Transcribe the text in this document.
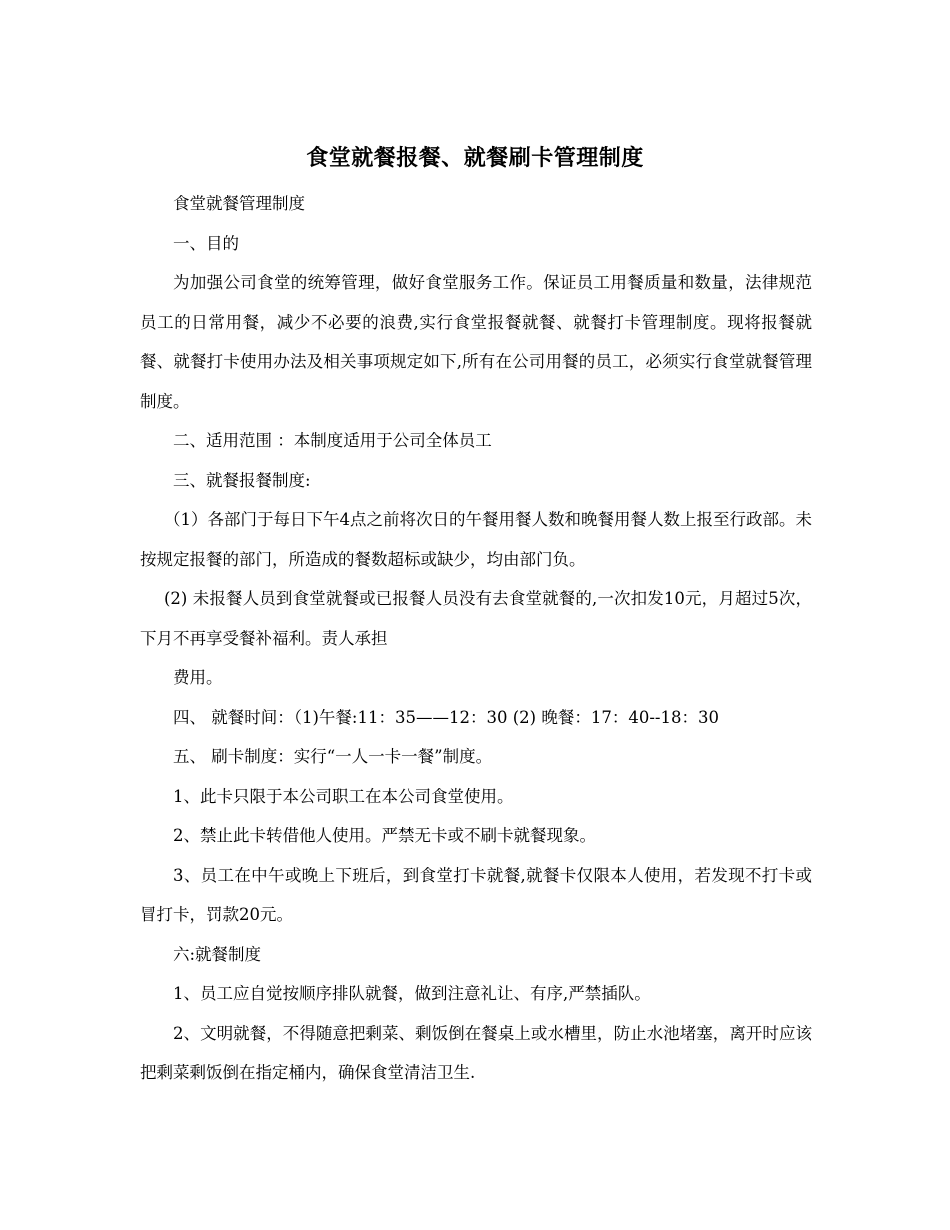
食堂就餐报餐、就餐刷卡管理制度

食堂就餐管理制度

一、目的

为加强公司食堂的统筹管理，做好食堂服务工作。保证员工用餐质量和数量，法律规范员工的日常用餐，减少不必要的浪费,实行食堂报餐就餐、就餐打卡管理制度。现将报餐就餐、就餐打卡使用办法及相关事项规定如下,所有在公司用餐的员工，必须实行食堂就餐管理制度。

二、适用范围 ：本制度适用于公司全体员工

三、就餐报餐制度:

（1）各部门于每日下午4点之前将次日的午餐用餐人数和晚餐用餐人数上报至行政部。未按规定报餐的部门，所造成的餐数超标或缺少，均由部门负。

(2) 未报餐人员到食堂就餐或已报餐人员没有去食堂就餐的,一次扣发10元，月超过5次，下月不再享受餐补福利。责人承担

费用。

四、 就餐时间：（1)午餐:11：35——12：30 (2) 晚餐：17：40--18：30

五、 刷卡制度：实行“一人一卡一餐”制度。

1、此卡只限于本公司职工在本公司食堂使用。

2、禁止此卡转借他人使用。严禁无卡或不刷卡就餐现象。

3、员工在中午或晚上下班后，到食堂打卡就餐,就餐卡仅限本人使用，若发现不打卡或冒打卡，罚款20元。

六:就餐制度

1、员工应自觉按顺序排队就餐，做到注意礼让、有序,严禁插队。

2、文明就餐，不得随意把剩菜、剩饭倒在餐桌上或水槽里，防止水池堵塞，离开时应该把剩菜剩饭倒在指定桶内，确保食堂清洁卫生.
